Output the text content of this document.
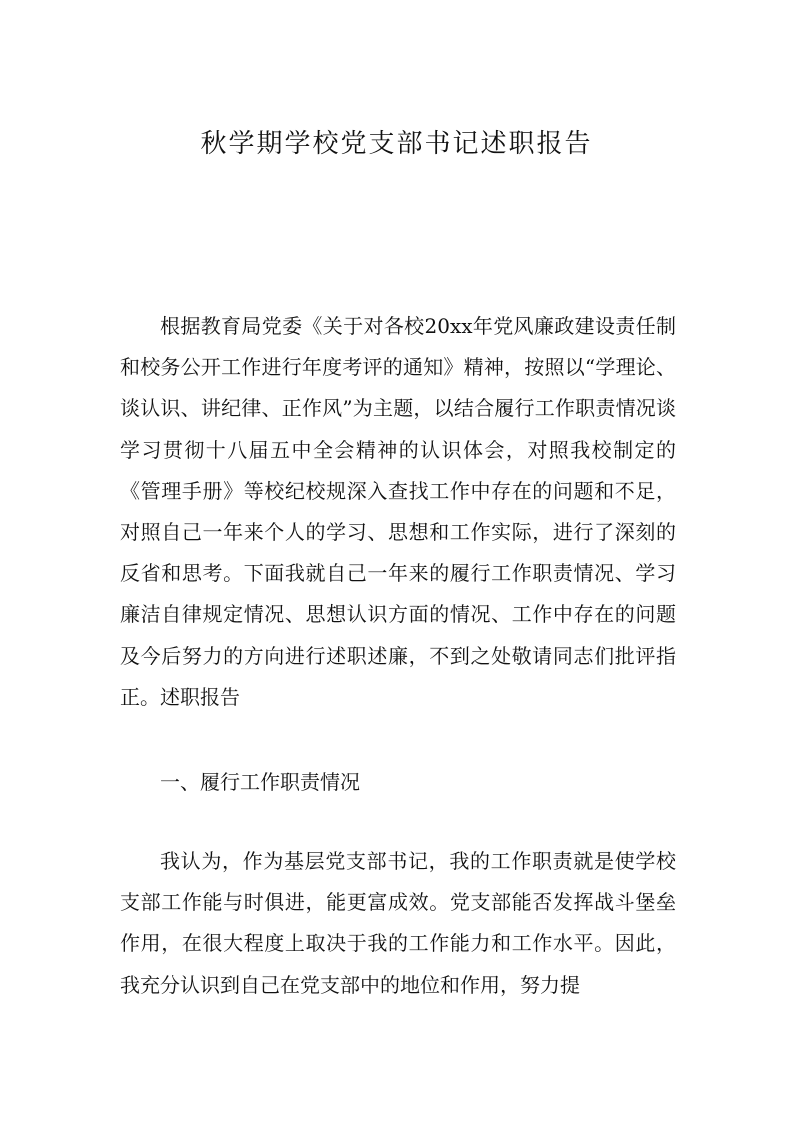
秋学期学校党支部书记述职报告

根据教育局党委《关于对各校20xx年党风廉政建设责任制和校务公开工作进行年度考评的通知》精神，按照以“学理论、谈认识、讲纪律、正作风”为主题，以结合履行工作职责情况谈学习贯彻十八届五中全会精神的认识体会，对照我校制定的《管理手册》等校纪校规深入查找工作中存在的问题和不足，对照自己一年来个人的学习、思想和工作实际，进行了深刻的反省和思考。下面我就自己一年来的履行工作职责情况、学习廉洁自律规定情况、思想认识方面的情况、工作中存在的问题及今后努力的方向进行述职述廉，不到之处敬请同志们批评指正。述职报告

一、履行工作职责情况

我认为，作为基层党支部书记，我的工作职责就是使学校支部工作能与时俱进，能更富成效。党支部能否发挥战斗堡垒作用，在很大程度上取决于我的工作能力和工作水平。因此，我充分认识到自己在党支部中的地位和作用，努力提
